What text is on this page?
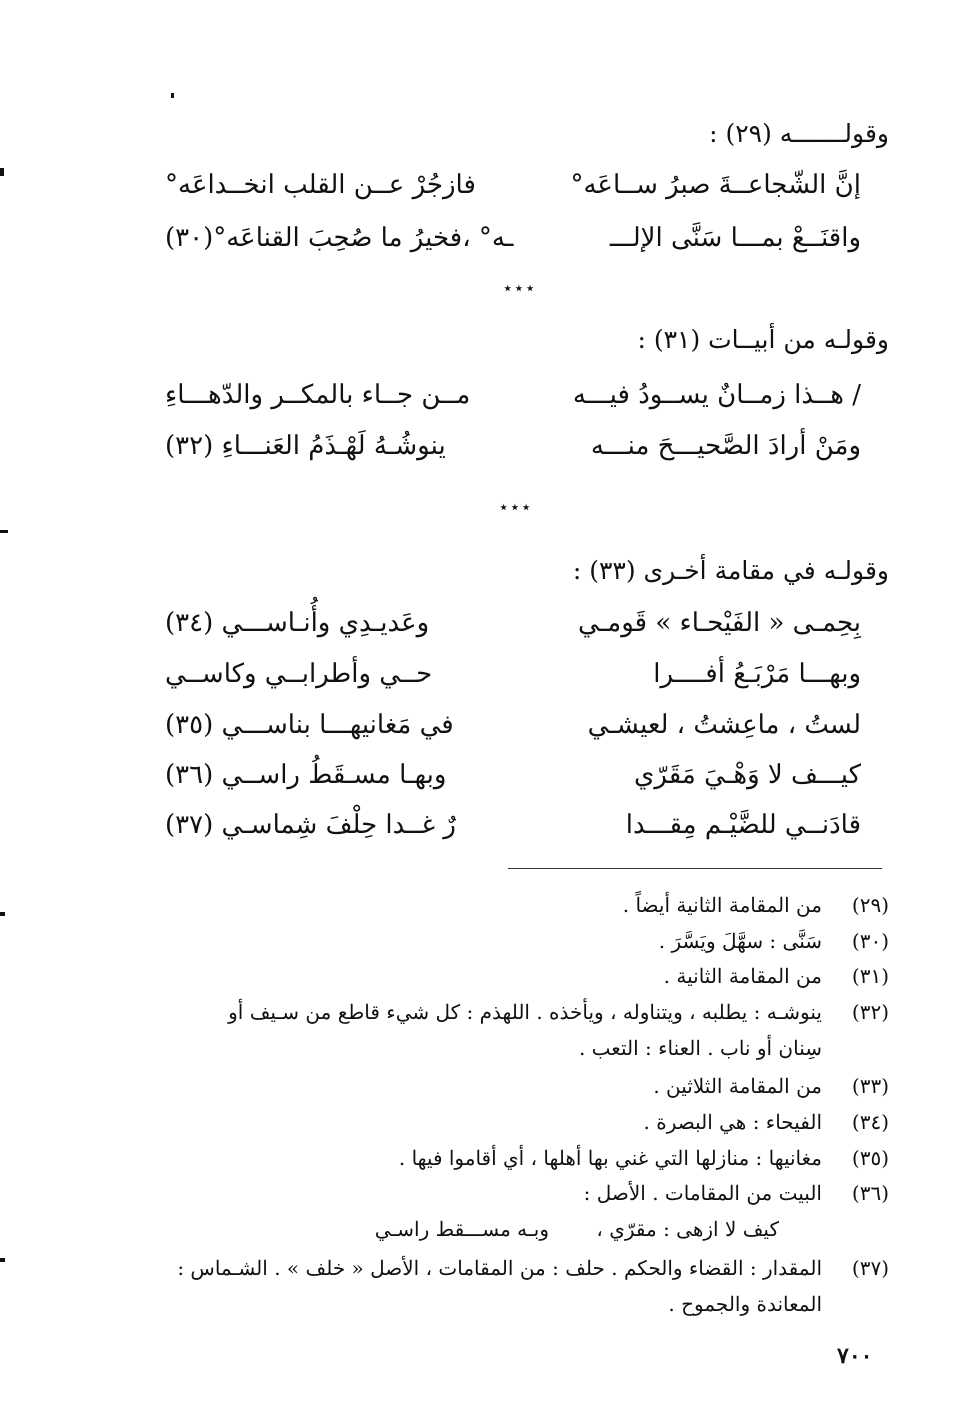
وقولـــــــه (٢٩) :
إنَّ الشّجاعــةَ صبرُ ســاعَه°
فازجُرْ عــن القلب انخــداعَه°
واقنَــعْ بمـــا سَنَّى الإلـــ
ـه° ،فخيرُ ما صُحِبَ القناعَه°(٣٠)
⋆⋆⋆
وقولـه من أبيــات (٣١) :
/ هــذا زمــانٌ يســودُ فيـــه
مــن جــاء بالمكــر والدّهـــاءِ
ومَنْ أرادَ الصَّحيـــحَ منـــه
ينوشُـهُ لَهْـذَمُ العَنـــاءِ (٣٢)
⋆⋆⋆
وقولـه في مقامة أخـرى (٣٣) :
بِحِمـى « الفَيْحـاء » قَومـي
وعَديـدِي وأُنـاســـي (٣٤)
وبهـــا مَرْبَـعُ أفــــرا
حــي وأطرابــي وكاســي
لستُ ، ماعِشتُ ، لعيشـي
في مَغانيهـــا بناســـي (٣٥)
كيـــف لا وَهْـيَ مَقَرّي
وبهـا مسـقَطُ راســي (٣٦)
قادَنــي للضَّيْـم مِقـــدا
رٌ غــدا حِلْفَ شِماسـي (٣٧)
(٢٩)
من المقامة الثانية أيضاً .
(٣٠)
سَنَّى : سهَّلَ ويَسَّرَ .
(٣١)
من المقامة الثانية .
(٣٢)
ينوشـه : يطلبه ، ويتناوله ، ويأخذه . اللهذم : كل شيء قاطع من سـيف أو
سِنان أو ناب . العناء : التعب .
(٣٣)
من المقامة الثلاثين .
(٣٤)
الفيحاء : هي البصرة .
(٣٥)
مغانيها : منازلها التي غني بها أهلها ، أي أقاموا فيها .
(٣٦)
البيت من المقامات . الأصل :
كيف لا ازهى : مقرّي ،
وبـه مســـقط راسـي
(٣٧)
المقدار : القضاء والحكم . حلف : من المقامات ، الأصل « خلف » . الشـماس :
المعاندة والجموح .
٧٠٠
